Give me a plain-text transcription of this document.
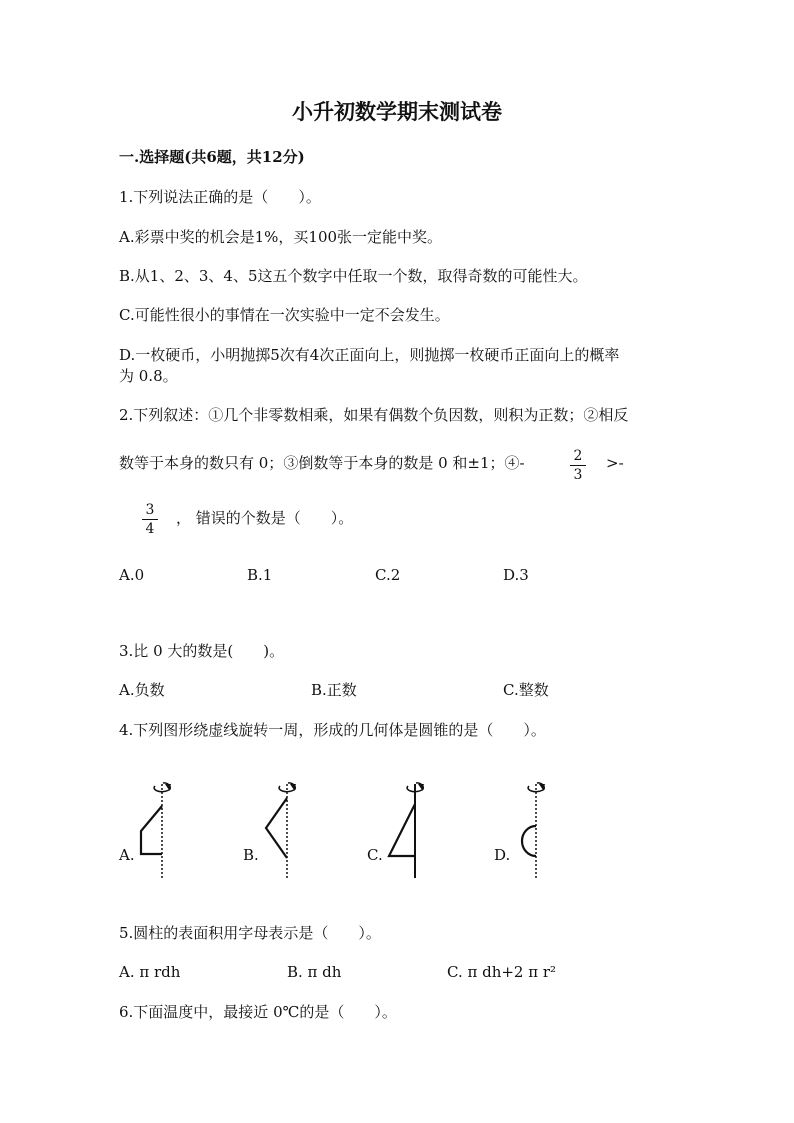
小升初数学期末测试卷
一.选择题(共6题，共12分)
1.下列说法正确的是（　　）。
A.彩票中奖的机会是1%，买100张一定能中奖。
B.从1、2、3、4、5这五个数字中任取一个数，取得奇数的可能性大。
C.可能性很小的事情在一次实验中一定不会发生。
D.一枚硬币，小明抛掷5次有4次正面向上，则抛掷一枚硬币正面向上的概率
为 0.8。
2.下列叙述：①几个非零数相乘，如果有偶数个负因数，则积为正数；②相反
数等于本身的数只有 0；③倒数等于本身的数是 0 和±1；④-	2
3
>-
3
4
， 错误的个数是（　　）。
A.0	B.1	C.2	D.3
3.比 0 大的数是(　　)。
A.负数	B.正数	C.整数
4.下列图形绕虚线旋转一周，形成的几何体是圆锥的是（　　）。
A.	B.	C.	D.
5.圆柱的表面积用字母表示是（　　）。
A. π rdh	B. π dh	C. π dh+2 π r²
6.下面温度中，最接近 0℃的是（　　）。
